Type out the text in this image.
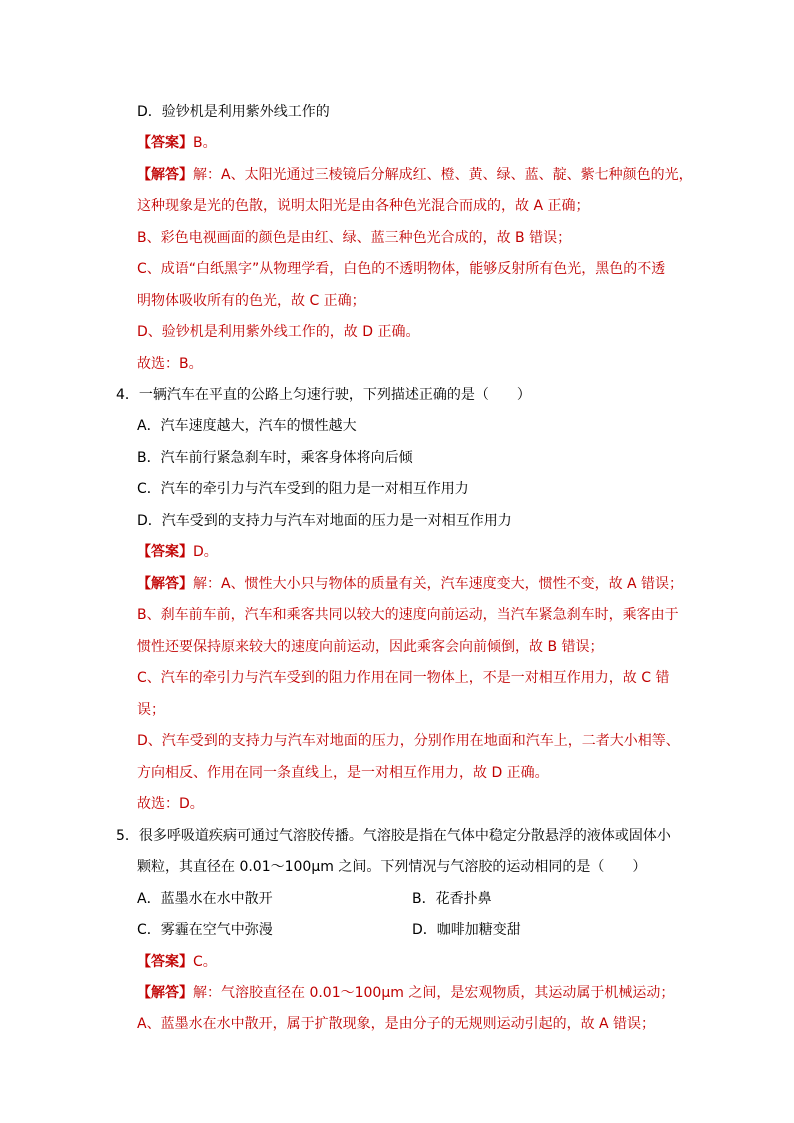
D．验钞机是利用紫外线工作的
【答案】B。
【解答】解：A、太阳光通过三棱镜后分解成红、橙、黄、绿、蓝、靛、紫七种颜色的光，
这种现象是光的色散，说明太阳光是由各种色光混合而成的，故 A 正确；
B、彩色电视画面的颜色是由红、绿、蓝三种色光合成的，故 B 错误；
C、成语“白纸黑字”从物理学看，白色的不透明物体，能够反射所有色光，黑色的不透
明物体吸收所有的色光，故 C 正确；
D、验钞机是利用紫外线工作的，故 D 正确。
故选：B。
4．一辆汽车在平直的公路上匀速行驶，下列描述正确的是（　　）
A．汽车速度越大，汽车的惯性越大
B．汽车前行紧急刹车时，乘客身体将向后倾
C．汽车的牵引力与汽车受到的阻力是一对相互作用力
D．汽车受到的支持力与汽车对地面的压力是一对相互作用力
【答案】D。
【解答】解：A、惯性大小只与物体的质量有关，汽车速度变大，惯性不变，故 A 错误；
B、刹车前车前，汽车和乘客共同以较大的速度向前运动，当汽车紧急刹车时，乘客由于
惯性还要保持原来较大的速度向前运动，因此乘客会向前倾倒，故 B 错误；
C、汽车的牵引力与汽车受到的阻力作用在同一物体上，不是一对相互作用力，故 C 错
误；
D、汽车受到的支持力与汽车对地面的压力，分别作用在地面和汽车上，二者大小相等、
方向相反、作用在同一条直线上，是一对相互作用力，故 D 正确。
故选：D。
5．很多呼吸道疾病可通过气溶胶传播。气溶胶是指在气体中稳定分散悬浮的液体或固体小
颗粒，其直径在 0.01～100μm 之间。下列情况与气溶胶的运动相同的是（　　）
A．蓝墨水在水中散开	B．花香扑鼻
C．雾霾在空气中弥漫	D．咖啡加糖变甜
【答案】C。
【解答】解：气溶胶直径在 0.01～100μm 之间，是宏观物质，其运动属于机械运动；
A、蓝墨水在水中散开，属于扩散现象，是由分子的无规则运动引起的，故 A 错误；
